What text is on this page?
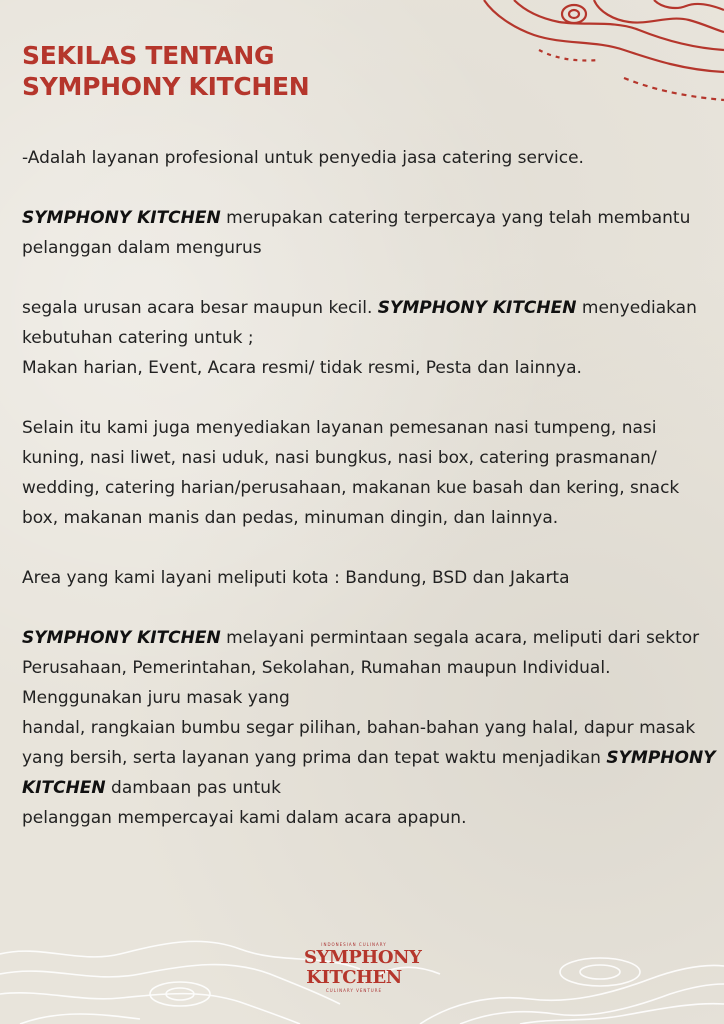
SEKILAS TENTANG
SYMPHONY KITCHEN

-Adalah layanan profesional untuk penyedia jasa catering service.

SYMPHONY KITCHEN merupakan catering terpercaya yang telah membantu pelanggan dalam mengurus

segala urusan acara besar maupun kecil. SYMPHONY KITCHEN menyediakan kebutuhan catering untuk ;

Makan harian, Event, Acara resmi/ tidak resmi, Pesta dan lainnya.

Selain itu kami juga menyediakan layanan pemesanan nasi tumpeng, nasi kuning, nasi liwet, nasi uduk, nasi bungkus, nasi box, catering prasmanan/ wedding, catering harian/perusahaan, makanan kue basah dan kering, snack box, makanan manis dan pedas, minuman dingin, dan lainnya.

Area yang kami layani meliputi kota : Bandung, BSD dan Jakarta

SYMPHONY KITCHEN melayani permintaan segala acara, meliputi dari sektor Perusahaan, Pemerintahan, Sekolahan, Rumahan maupun Individual. Menggunakan juru masak yang

handal, rangkaian bumbu segar pilihan, bahan-bahan yang halal, dapur masak yang bersih, serta layanan yang prima dan tepat waktu menjadikan SYMPHONY KITCHEN dambaan pas untuk

pelanggan mempercayai kami dalam acara apapun.

INDONESIAN CULINARY
SYMPHONY
KITCHEN
CULINARY VENTURE
